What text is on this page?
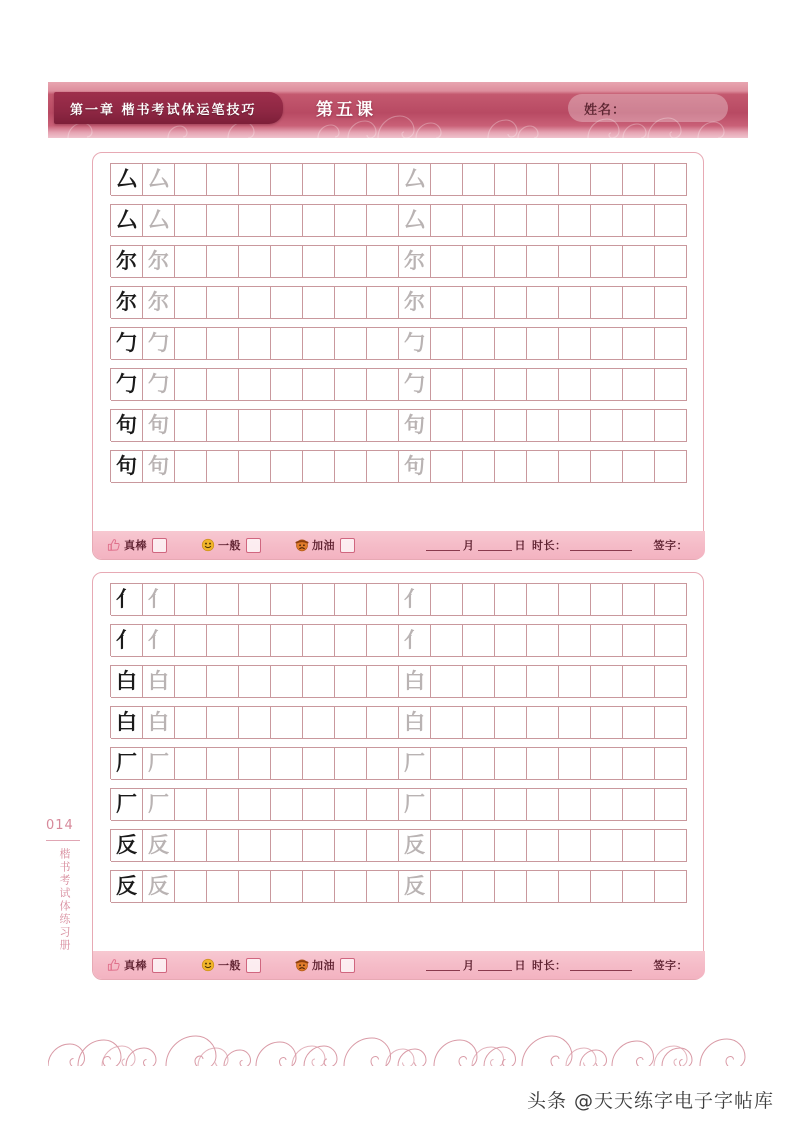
第一章 楷书考试体运笔技巧	第五课	姓名：
厶 厶	厶
厶 厶	厶
尔 尔	尔
尔 尔	尔
勹 勹	勹
勹 勹	勹
句 句	句
句 句	句
真棒	一般	加油	月	日 时长：	签字：
亻 亻	亻
亻 亻	亻
白 白	白
白 白	白
厂 厂	厂
厂 厂	厂
反 反	反
反 反	反
真棒	一般	加油	月	日 时长：	签字：
014
楷书考试体练习册
头条 @天天练字电子字帖库
